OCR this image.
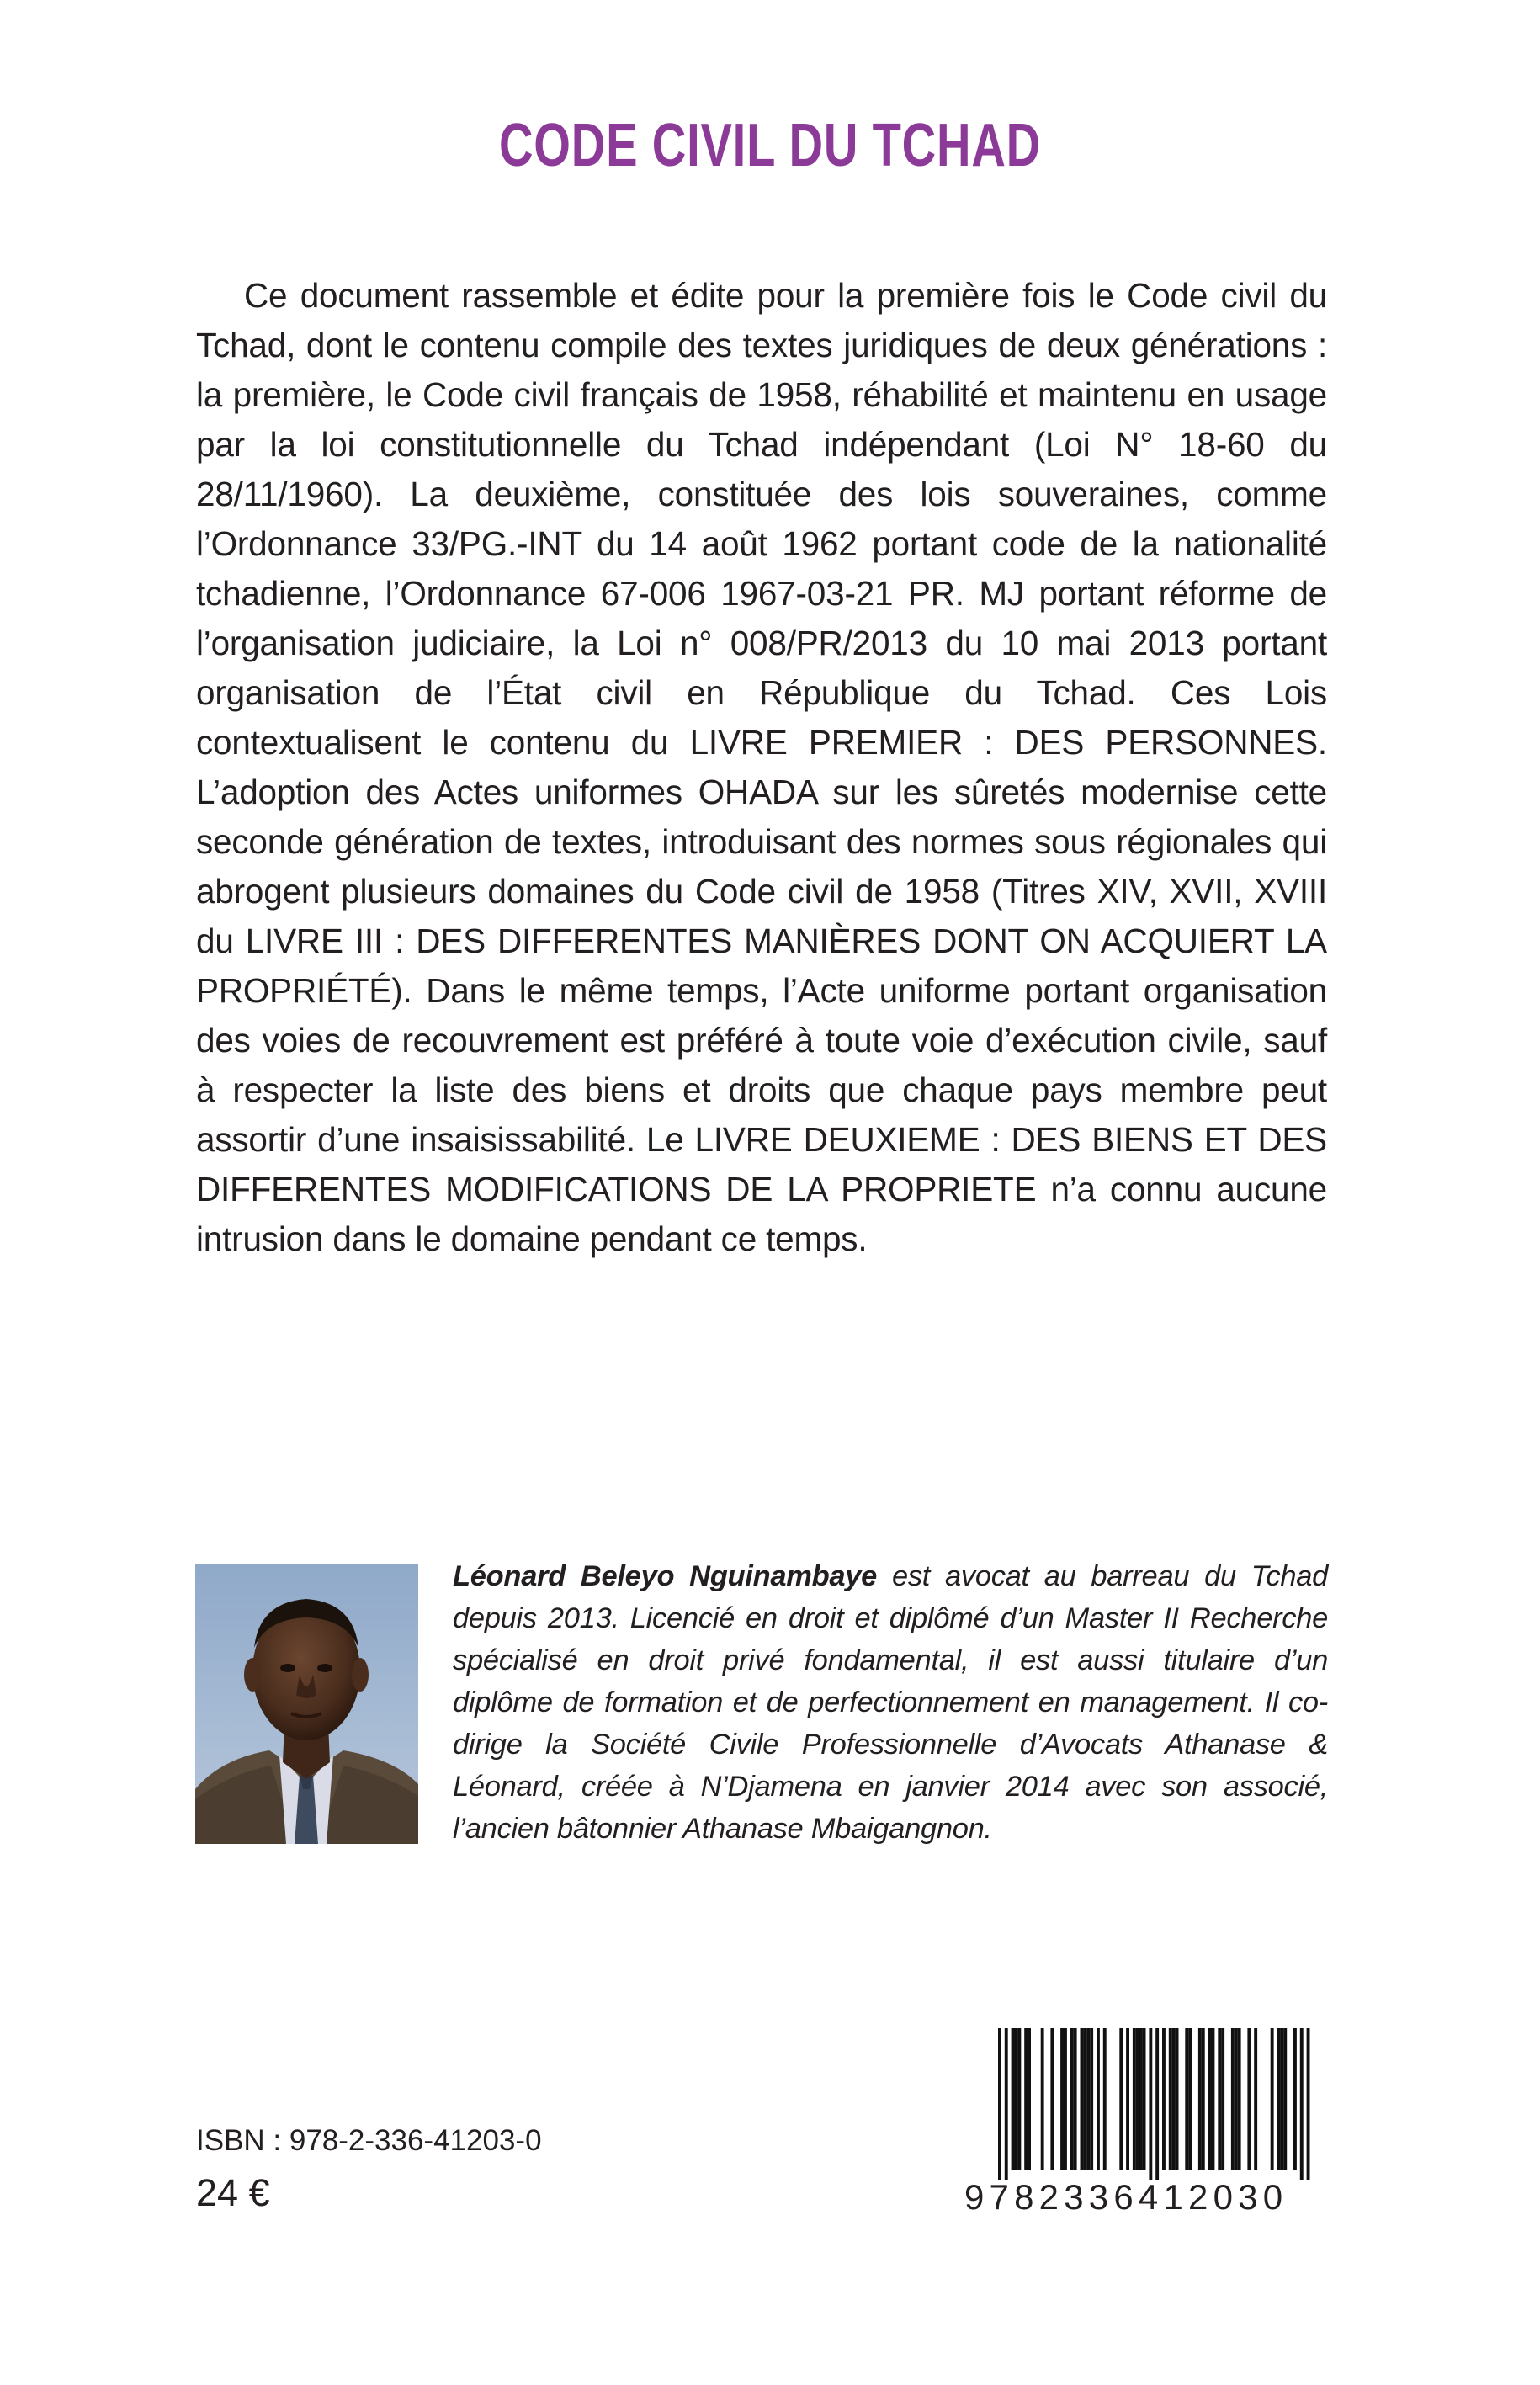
CODE CIVIL DU TCHAD

Ce document rassemble et édite pour la première fois le Code civil du Tchad, dont le contenu compile des textes juridiques de deux générations : la première, le Code civil français de 1958, réhabilité et maintenu en usage par la loi constitutionnelle du Tchad indépendant (Loi N° 18-60 du 28/11/1960). La deuxième, constituée des lois souveraines, comme l’Ordonnance 33/PG.-INT du 14 août 1962 portant code de la nationalité tchadienne, l’Ordonnance 67-006 1967-03-21 PR. MJ portant réforme de l’organisation judiciaire, la Loi n° 008/PR/2013 du 10 mai 2013 portant organisation de l’État civil en République du Tchad. Ces Lois contextualisent le contenu du LIVRE PREMIER : DES PERSONNES. L’adoption des Actes uniformes OHADA sur les sûretés modernise cette seconde génération de textes, introduisant des normes sous régionales qui abrogent plusieurs domaines du Code civil de 1958 (Titres XIV, XVII, XVIII du LIVRE III : DES DIFFERENTES MANIÈRES DONT ON ACQUIERT LA PROPRIÉTÉ). Dans le même temps, l’Acte uniforme portant organisation des voies de recouvrement est préféré à toute voie d’exécution civile, sauf à respecter la liste des biens et droits que chaque pays membre peut assortir d’une insaisissabilité. Le LIVRE DEUXIEME : DES BIENS ET DES DIFFERENTES MODIFICATIONS DE LA PROPRIETE n’a connu aucune intrusion dans le domaine pendant ce temps.

Léonard Beleyo Nguinambaye est avocat au barreau du Tchad depuis 2013. Licencié en droit et diplômé d’un Master II Recherche spécialisé en droit privé fondamental, il est aussi titulaire d’un diplôme de formation et de perfectionnement en management. Il co-dirige la Société Civile Professionnelle d’Avocats Athanase & Léonard, créée à N’Djamena en janvier 2014 avec son associé, l’ancien bâtonnier Athanase Mbaigangnon.

ISBN : 978-2-336-41203-0
24 €	9782336412030
